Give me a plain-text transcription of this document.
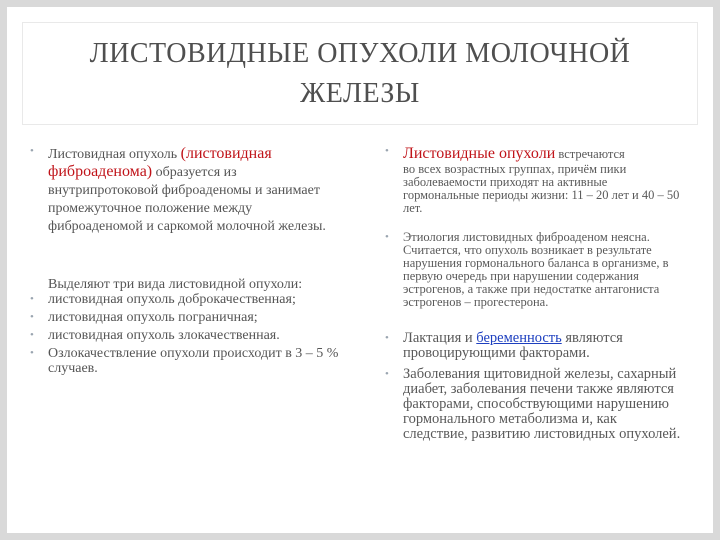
ЛИСТОВИДНЫЕ ОПУХОЛИ МОЛОЧНОЙ
ЖЕЛЕЗЫ
• Листовидная опухоль (листовидная фиброаденома) образуется из внутрипротоковой фиброаденомы и занимает промежуточное положение между фиброаденомой и саркомой молочной железы.
Выделяют три вида листовидной опухоли:
• листовидная опухоль доброкачественная;
• листовидная опухоль пограничная;
• листовидная опухоль злокачественная.
• Озлокачествление опухоли происходит в 3 – 5 % случаев.
• Листовидные опухоли встречаются
во всех возрастных группах, причём пики заболеваемости приходят на активные гормональные периоды жизни: 11 – 20 лет и 40 – 50 лет.
• Этиология листовидных фиброаденом неясна. Считается, что опухоль возникает в результате нарушения гормонального баланса в организме, в первую очередь при нарушении содержания эстрогенов, а также при недостатке антагониста эстрогенов – прогестерона.
• Лактация и беременность являются провоцирующими факторами.
• Заболевания щитовидной железы, сахарный диабет, заболевания печени также являются факторами, способствующими нарушению гормонального метаболизма и, как следствие, развитию листовидных опухолей.
